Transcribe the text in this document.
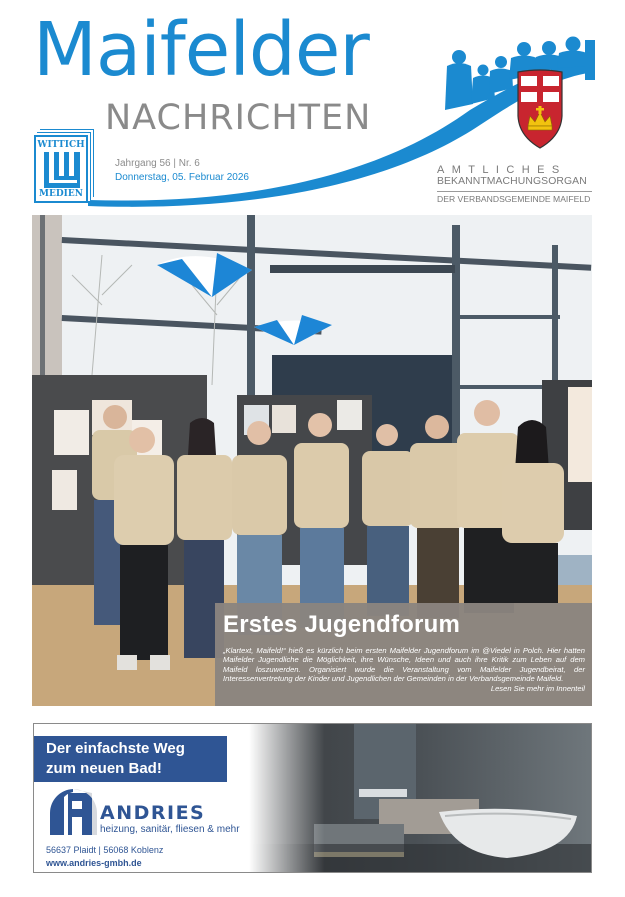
Maifelder
NACHRICHTEN
WITTICH
MEDIEN
Jahrgang 56 | Nr. 6
Donnerstag, 05. Februar 2026
AMTLICHES
BEKANNTMACHUNGSORGAN
DER VERBANDSGEMEINDE MAIFELD
Erstes Jugendforum

„Klartext, Maifeld!“ hieß es kürzlich beim ersten Maifelder Jugendforum im @Viedel in Polch. Hier hatten Maifelder Jugendliche die Möglichkeit, ihre Wünsche, Ideen und auch ihre Kritik zum Leben auf dem Maifeld loszuwerden. Organisiert wurde die Veranstaltung vom Maifelder Jugendbeirat, der Interessenvertretung der Kinder und Jugendlichen der Gemeinden in der Verbandsgemeinde Maifeld.
Lesen Sie mehr im Innenteil

Der einfachste Weg
zum neuen Bad!
ANDRIES
heizung, sanitär, fliesen & mehr
56637 Plaidt | 56068 Koblenz
www.andries-gmbh.de
